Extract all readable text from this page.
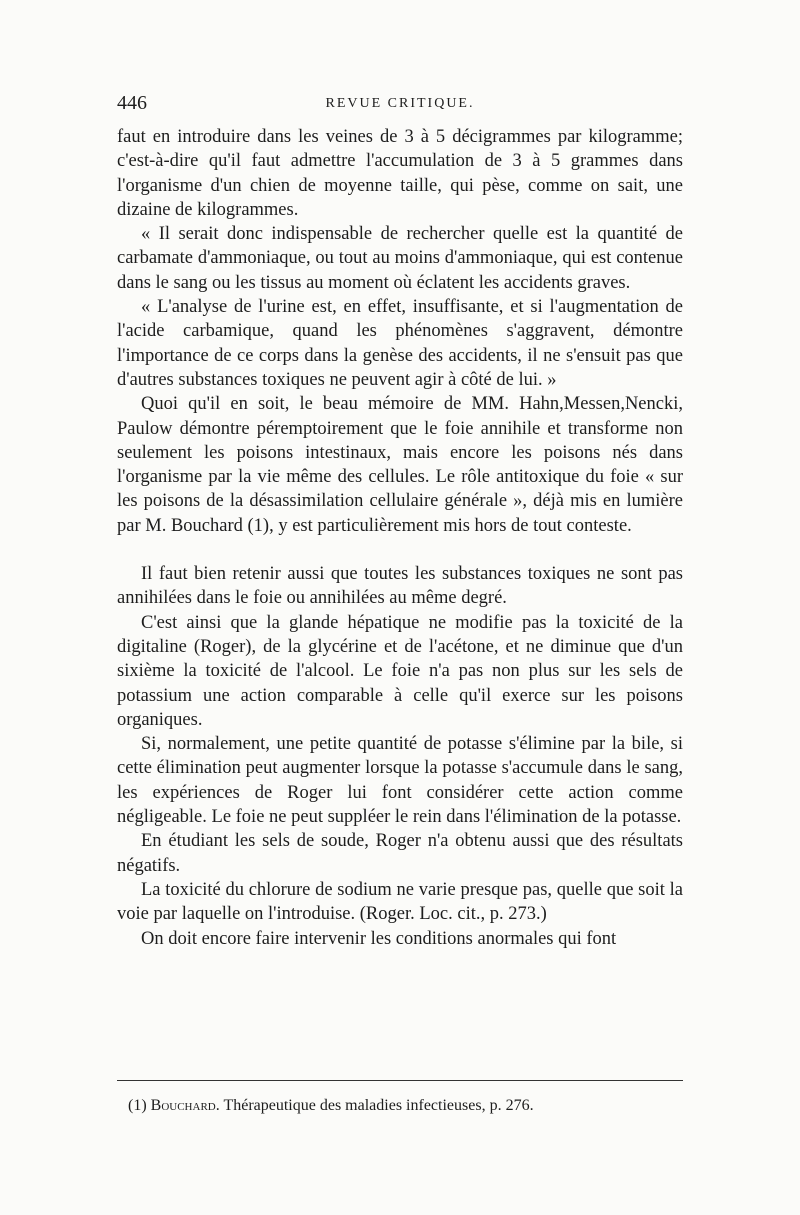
446	REVUE CRITIQUE.

faut en introduire dans les veines de 3 à 5 décigrammes par kilogramme; c'est-à-dire qu'il faut admettre l'accumulation de 3 à 5 grammes dans l'organisme d'un chien de moyenne taille, qui pèse, comme on sait, une dizaine de kilogrammes.

« Il serait donc indispensable de rechercher quelle est la quantité de carbamate d'ammoniaque, ou tout au moins d'ammoniaque, qui est contenue dans le sang ou les tissus au moment où éclatent les accidents graves.

« L'analyse de l'urine est, en effet, insuffisante, et si l'augmentation de l'acide carbamique, quand les phénomènes s'aggravent, démontre l'importance de ce corps dans la genèse des accidents, il ne s'ensuit pas que d'autres substances toxiques ne peuvent agir à côté de lui. »

Quoi qu'il en soit, le beau mémoire de MM. Hahn,Messen,Nencki, Paulow démontre péremptoirement que le foie annihile et transforme non seulement les poisons intestinaux, mais encore les poisons nés dans l'organisme par la vie même des cellules. Le rôle antitoxique du foie « sur les poisons de la désassimilation cellulaire générale », déjà mis en lumière par M. Bouchard (1), y est particulièrement mis hors de tout conteste.

Il faut bien retenir aussi que toutes les substances toxiques ne sont pas annihilées dans le foie ou annihilées au même degré.

C'est ainsi que la glande hépatique ne modifie pas la toxicité de la digitaline (Roger), de la glycérine et de l'acétone, et ne diminue que d'un sixième la toxicité de l'alcool. Le foie n'a pas non plus sur les sels de potassium une action comparable à celle qu'il exerce sur les poisons organiques.

Si, normalement, une petite quantité de potasse s'élimine par la bile, si cette élimination peut augmenter lorsque la potasse s'accumule dans le sang, les expériences de Roger lui font considérer cette action comme négligeable. Le foie ne peut suppléer le rein dans l'élimination de la potasse.

En étudiant les sels de soude, Roger n'a obtenu aussi que des résultats négatifs.

La toxicité du chlorure de sodium ne varie presque pas, quelle que soit la voie par laquelle on l'introduise. (Roger. Loc. cit., p. 273.)

On doit encore faire intervenir les conditions anormales qui font

(1) Bouchard. Thérapeutique des maladies infectieuses, p. 276.
